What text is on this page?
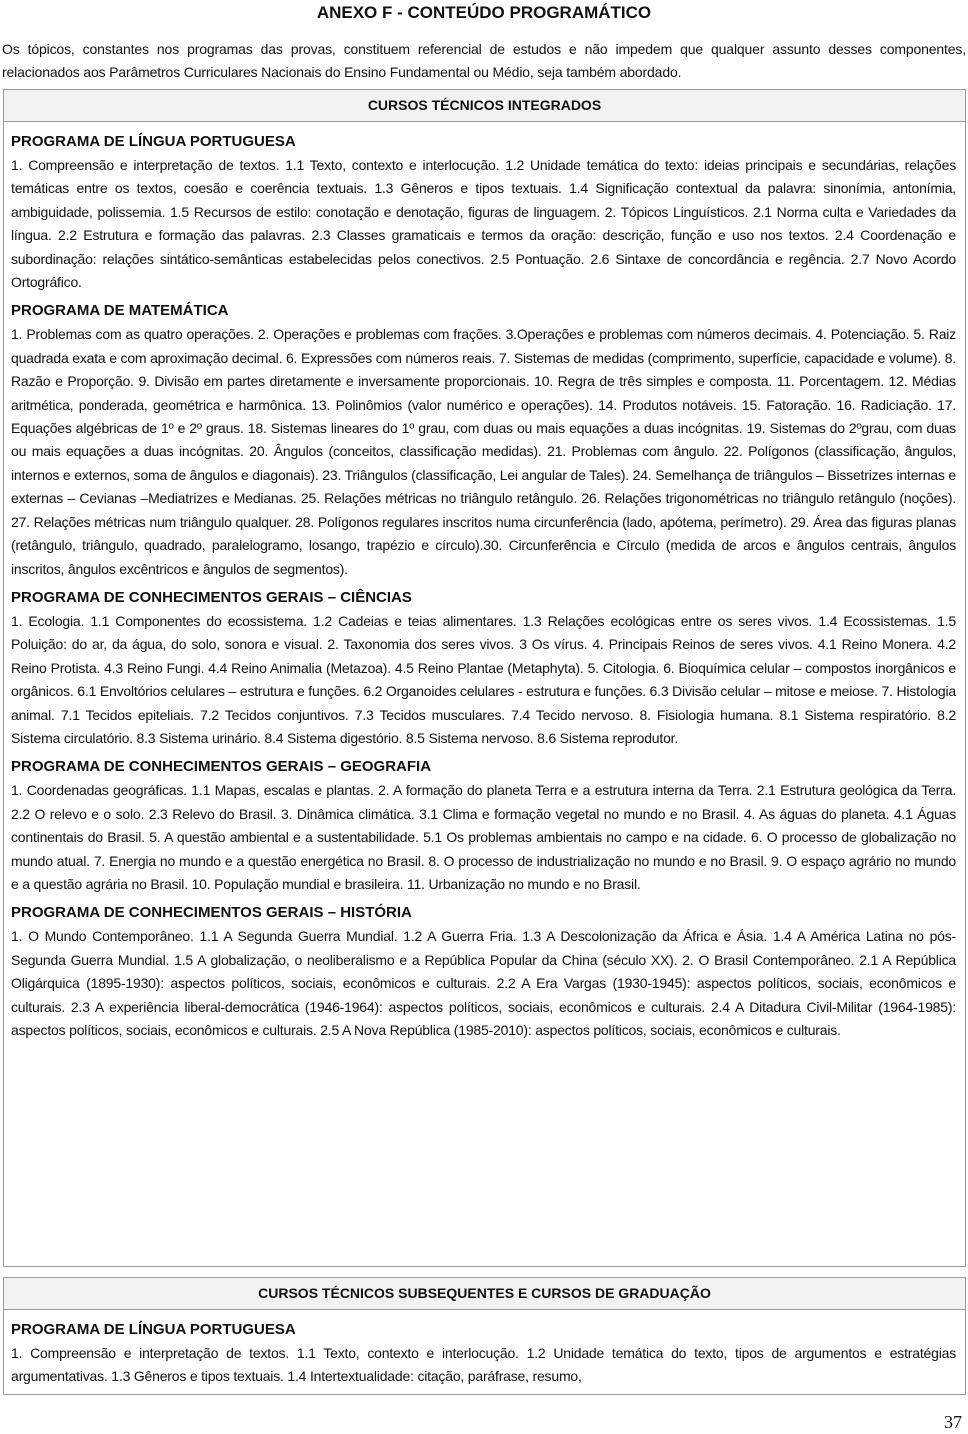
ANEXO F - CONTEÚDO PROGRAMÁTICO
Os tópicos, constantes nos programas das provas, constituem referencial de estudos e não impedem que qualquer assunto desses componentes, relacionados aos Parâmetros Curriculares Nacionais do Ensino Fundamental ou Médio, seja também abordado.
CURSOS TÉCNICOS INTEGRADOS
PROGRAMA DE LÍNGUA PORTUGUESA

1. Compreensão e interpretação de textos. 1.1 Texto, contexto e interlocução. 1.2 Unidade temática do texto: ideias principais e secundárias, relações temáticas entre os textos, coesão e coerência textuais. 1.3 Gêneros e tipos textuais. 1.4 Significação contextual da palavra: sinonímia, antonímia, ambiguidade, polissemia. 1.5 Recursos de estilo: conotação e denotação, figuras de linguagem. 2. Tópicos Linguísticos. 2.1 Norma culta e Variedades da língua. 2.2 Estrutura e formação das palavras. 2.3 Classes gramaticais e termos da oração: descrição, função e uso nos textos. 2.4 Coordenação e subordinação: relações sintático-semânticas estabelecidas pelos conectivos. 2.5 Pontuação. 2.6 Sintaxe de concordância e regência. 2.7 Novo Acordo Ortográfico.

PROGRAMA DE MATEMÁTICA

1. Problemas com as quatro operações. 2. Operações e problemas com frações. 3.Operações e problemas com números decimais. 4. Potenciação. 5. Raiz quadrada exata e com aproximação decimal. 6. Expressões com números reais. 7. Sistemas de medidas (comprimento, superfície, capacidade e volume). 8. Razão e Proporção. 9. Divisão em partes diretamente e inversamente proporcionais. 10. Regra de três simples e composta. 11. Porcentagem. 12. Médias aritmética, ponderada, geométrica e harmônica. 13. Polinômios (valor numérico e operações). 14. Produtos notáveis. 15. Fatoração. 16. Radiciação. 17. Equações algébricas de 1º e 2º graus. 18. Sistemas lineares do 1º grau, com duas ou mais equações a duas incógnitas. 19. Sistemas do 2ºgrau, com duas ou mais equações a duas incógnitas. 20. Ângulos (conceitos, classificação medidas). 21. Problemas com ângulo. 22. Polígonos (classificação, ângulos, internos e externos, soma de ângulos e diagonais). 23. Triângulos (classificação, Lei angular de Tales). 24. Semelhança de triângulos – Bissetrizes internas e externas – Cevianas –Mediatrizes e Medianas. 25. Relações métricas no triângulo retângulo. 26. Relações trigonométricas no triângulo retângulo (noções). 27. Relações métricas num triângulo qualquer. 28. Polígonos regulares inscritos numa circunferência (lado, apótema, perímetro). 29. Área das figuras planas (retângulo, triângulo, quadrado, paralelogramo, losango, trapézio e círculo).30. Circunferência e Círculo (medida de arcos e ângulos centrais, ângulos inscritos, ângulos excêntricos e ângulos de segmentos).

PROGRAMA DE CONHECIMENTOS GERAIS – CIÊNCIAS

1. Ecologia. 1.1 Componentes do ecossistema. 1.2 Cadeias e teias alimentares. 1.3 Relações ecológicas entre os seres vivos. 1.4 Ecossistemas. 1.5 Poluição: do ar, da água, do solo, sonora e visual. 2. Taxonomia dos seres vivos. 3 Os vírus. 4. Principais Reinos de seres vivos. 4.1 Reino Monera. 4.2 Reino Protista. 4.3 Reino Fungi. 4.4 Reino Animalia (Metazoa). 4.5 Reino Plantae (Metaphyta). 5. Citologia. 6. Bioquímica celular – compostos inorgânicos e orgânicos. 6.1 Envoltórios celulares – estrutura e funções. 6.2 Organoides celulares - estrutura e funções. 6.3 Divisão celular – mitose e meiose. 7. Histologia animal. 7.1 Tecidos epiteliais. 7.2 Tecidos conjuntivos. 7.3 Tecidos musculares. 7.4 Tecido nervoso. 8. Fisiologia humana. 8.1 Sistema respiratório. 8.2 Sistema circulatório. 8.3 Sistema urinário. 8.4 Sistema digestório. 8.5 Sistema nervoso. 8.6 Sistema reprodutor.

PROGRAMA DE CONHECIMENTOS GERAIS – GEOGRAFIA

1. Coordenadas geográficas. 1.1 Mapas, escalas e plantas. 2. A formação do planeta Terra e a estrutura interna da Terra. 2.1 Estrutura geológica da Terra. 2.2 O relevo e o solo. 2.3 Relevo do Brasil. 3. Dinâmica climática. 3.1 Clima e formação vegetal no mundo e no Brasil. 4. As águas do planeta. 4.1 Águas continentais do Brasil. 5. A questão ambiental e a sustentabilidade. 5.1 Os problemas ambientais no campo e na cidade. 6. O processo de globalização no mundo atual. 7. Energia no mundo e a questão energética no Brasil. 8. O processo de industrialização no mundo e no Brasil. 9. O espaço agrário no mundo e a questão agrária no Brasil. 10. População mundial e brasileira. 11. Urbanização no mundo e no Brasil.

PROGRAMA DE CONHECIMENTOS GERAIS – HISTÓRIA

1. O Mundo Contemporâneo. 1.1 A Segunda Guerra Mundial. 1.2 A Guerra Fria. 1.3 A Descolonização da África e Ásia. 1.4 A América Latina no pós-Segunda Guerra Mundial. 1.5 A globalização, o neoliberalismo e a República Popular da China (século XX). 2. O Brasil Contemporâneo. 2.1 A República Oligárquica (1895-1930): aspectos políticos, sociais, econômicos e culturais. 2.2 A Era Vargas (1930-1945): aspectos políticos, sociais, econômicos e culturais. 2.3 A experiência liberal-democrática (1946-1964): aspectos políticos, sociais, econômicos e culturais. 2.4 A Ditadura Civil-Militar (1964-1985): aspectos políticos, sociais, econômicos e culturais. 2.5 A Nova República (1985-2010): aspectos políticos, sociais, econômicos e culturais.

CURSOS TÉCNICOS SUBSEQUENTES E CURSOS DE GRADUAÇÃO
PROGRAMA DE LÍNGUA PORTUGUESA

1. Compreensão e interpretação de textos. 1.1 Texto, contexto e interlocução. 1.2 Unidade temática do texto, tipos de argumentos e estratégias argumentativas. 1.3 Gêneros e tipos textuais. 1.4 Intertextualidade: citação, paráfrase, resumo,

37
